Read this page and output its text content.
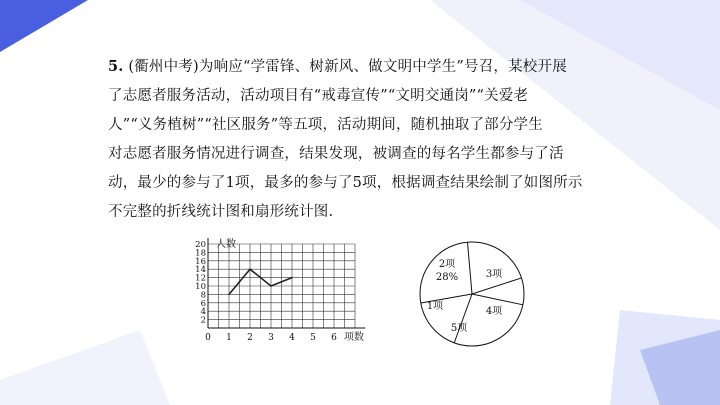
5. (衢州中考)为响应“学雷锋、树新风、做文明中学生”号召，某校开展
了志愿者服务活动，活动项目有“戒毒宣传”“文明交通岗”“关爱老
人”“义务植树”“社区服务”等五项，活动期间，随机抽取了部分学生
对志愿者服务情况进行调查，结果发现，被调查的每名学生都参与了活
动，最少的参与了1项，最多的参与了5项，根据调查结果绘制了如图所示
不完整的折线统计图和扇形统计图.
2
4
6
8
10
12
14
16
18
20
0 1 2 3 4 5 6
人数
项数
2项
3项
4项
5项
1项
28%
